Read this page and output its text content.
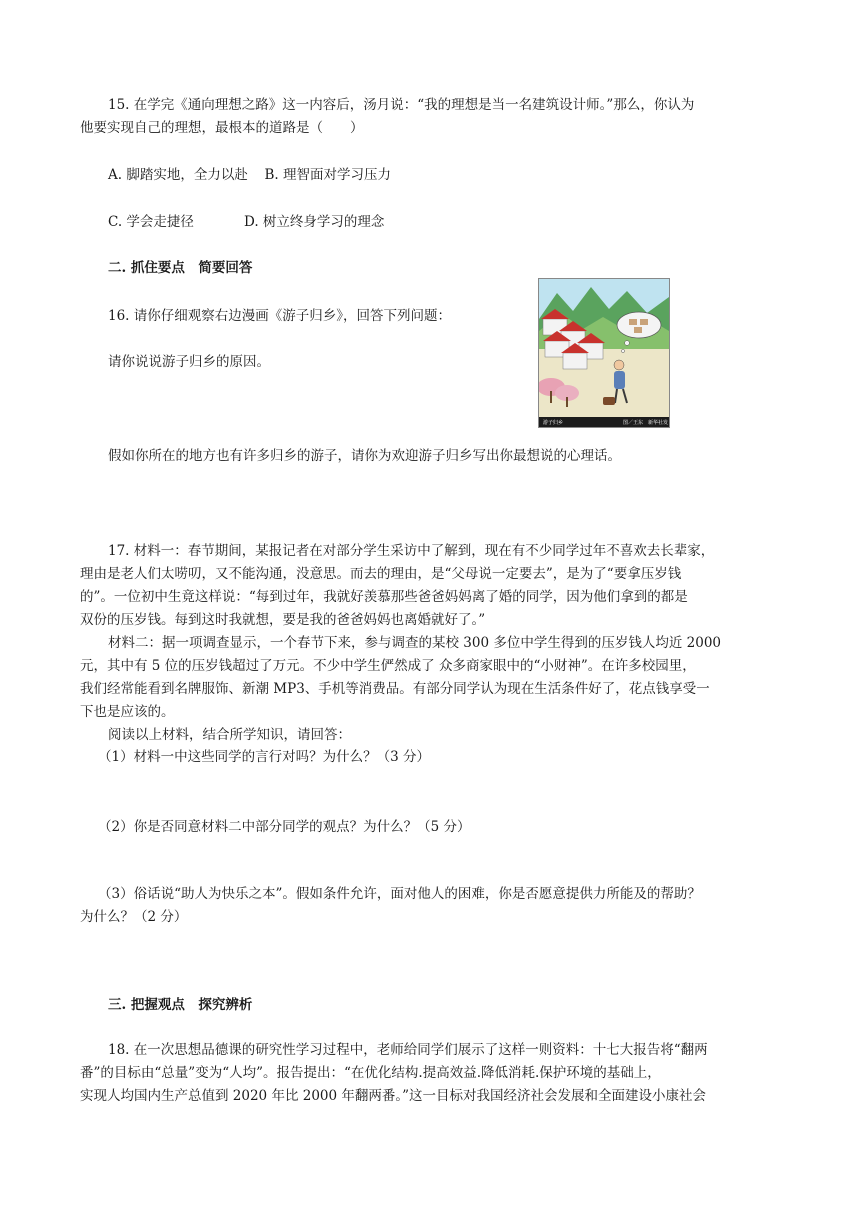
15. 在学完《通向理想之路》这一内容后，汤月说：“我的理想是当一名建筑设计师。”那么，你认为
他要实现自己的理想，最根本的道路是（　　）
A. 脚踏实地，全力以赴 B. 理智面对学习压力
C. 学会走捷径	D. 树立终身学习的理念
二. 抓住要点　简要回答
16. 请你仔细观察右边漫画《游子归乡》，回答下列问题：
请你说说游子归乡的原因。
游子归乡	图／王东　新华社发
假如你所在的地方也有许多归乡的游子，请你为欢迎游子归乡写出你最想说的心理话。
17. 材料一：春节期间，某报记者在对部分学生采访中了解到，现在有不少同学过年不喜欢去长辈家，
理由是老人们太唠叨，又不能沟通，没意思。而去的理由，是“父母说一定要去”，是为了“要拿压岁钱
的”。一位初中生竟这样说：“每到过年，我就好羡慕那些爸爸妈妈离了婚的同学，因为他们拿到的都是
双份的压岁钱。每到这时我就想，要是我的爸爸妈妈也离婚就好了。”
材料二：据一项调查显示，一个春节下来，参与调查的某校 300 多位中学生得到的压岁钱人均近 2000
元，其中有 5 位的压岁钱超过了万元。不少中学生俨然成了 众多商家眼中的“小财神”。在许多校园里，
我们经常能看到名牌服饰、新潮 MP3、手机等消费品。有部分同学认为现在生活条件好了，花点钱享受一
下也是应该的。
阅读以上材料，结合所学知识，请回答：
（1）材料一中这些同学的言行对吗？为什么？（3 分）
（2）你是否同意材料二中部分同学的观点？为什么？（5 分）
（3）俗话说“助人为快乐之本”。假如条件允许，面对他人的困难，你是否愿意提供力所能及的帮助？
为什么？（2 分）
三. 把握观点　探究辨析
18. 在一次思想品德课的研究性学习过程中，老师给同学们展示了这样一则资料：十七大报告将“翻两
番”的目标由“总量”变为“人均”。报告提出：“在优化结构.提高效益.降低消耗.保护环境的基础上，
实现人均国内生产总值到 2020 年比 2000 年翻两番。”这一目标对我国经济社会发展和全面建设小康社会
